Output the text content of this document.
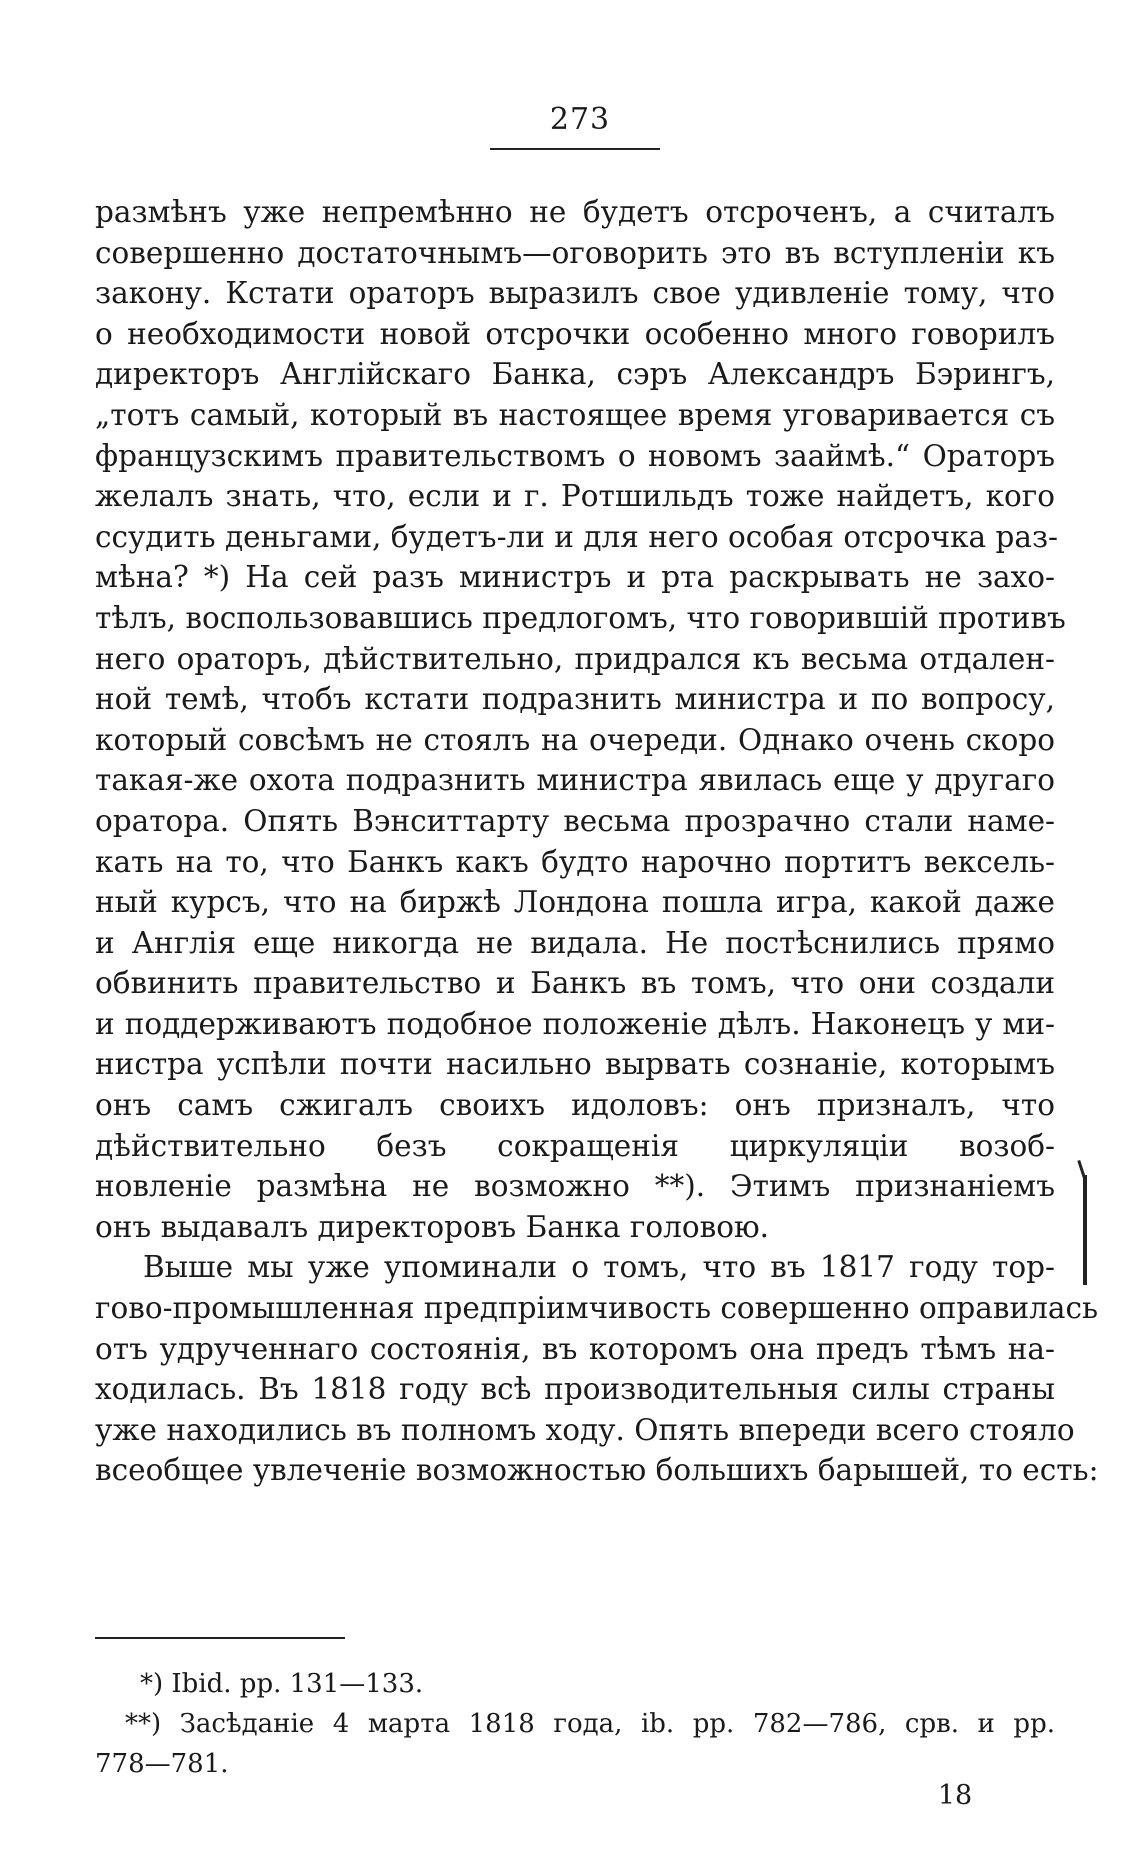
273
размѣнъ уже непремѣнно не будетъ отсроченъ, а считалъ
совершенно достаточнымъ—оговорить это въ вступленіи къ
закону. Кстати ораторъ выразилъ свое удивленіе тому, что
о необходимости новой отсрочки особенно много говорилъ
директоръ Англійскаго Банка, сэръ Александръ Бэрингъ,
„тотъ самый, который въ настоящее время уговаривается съ
французскимъ правительствомъ о новомъ зааймѣ.“ Ораторъ
желалъ знать, что, если и г. Ротшильдъ тоже найдетъ, кого
ссудить деньгами, будетъ-ли и для него особая отсрочка раз-
мѣна? *) На сей разъ министръ и рта раскрывать не захо-
тѣлъ, воспользовавшись предлогомъ, что говорившій противъ
него ораторъ, дѣйствительно, придрался къ весьма отдален-
ной темѣ, чтобъ кстати подразнить министра и по вопросу,
который совсѣмъ не стоялъ на очереди. Однако очень скоро
такая-же охота подразнить министра явилась еще у другаго
оратора. Опять Вэнситтарту весьма прозрачно стали наме-
кать на то, что Банкъ какъ будто нарочно портитъ вексель-
ный курсъ, что на биржѣ Лондона пошла игра, какой даже
и Англія еще никогда не видала. Не постѣснились прямо
обвинить правительство и Банкъ въ томъ, что они создали
и поддерживаютъ подобное положеніе дѣлъ. Наконецъ у ми-
нистра успѣли почти насильно вырвать сознаніе, которымъ
онъ самъ сжигалъ своихъ идоловъ: онъ призналъ, что
дѣйствительно безъ сокращенія циркуляціи возоб-
новленіе размѣна не возможно **). Этимъ признаніемъ
онъ выдавалъ директоровъ Банка головою.
Выше мы уже упоминали о томъ, что въ 1817 году тор-
гово-промышленная предпріимчивость совершенно оправилась
отъ удрученнаго состоянія, въ которомъ она предъ тѣмъ на-
ходилась. Въ 1818 году всѣ производительныя силы страны
уже находились въ полномъ ходу. Опять впереди всего стояло
всеобщее увлеченіе возможностью большихъ барышей, то есть:
*) Ibid. pp. 131—133.
**) Засѣданіе 4 марта 1818 года, ib. pp. 782—786, срв. и pp.
778—781.
18
